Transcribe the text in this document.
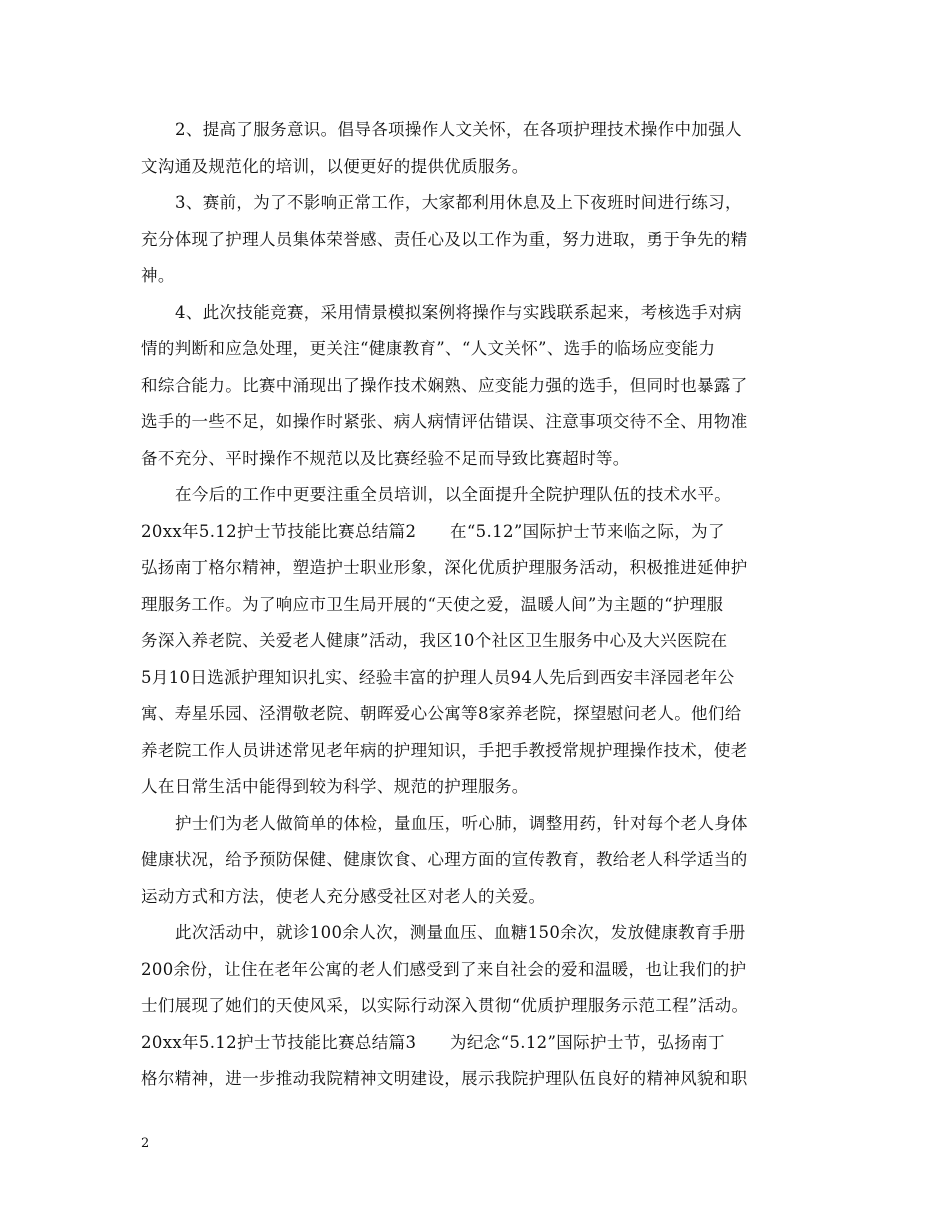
2、提高了服务意识。倡导各项操作人文关怀，在各项护理技术操作中加强人
文沟通及规范化的培训，以便更好的提供优质服务。
3、赛前，为了不影响正常工作，大家都利用休息及上下夜班时间进行练习，
充分体现了护理人员集体荣誉感、责任心及以工作为重，努力进取，勇于争先的精
神。
4、此次技能竞赛，采用情景模拟案例将操作与实践联系起来，考核选手对病
情的判断和应急处理，更关注“健康教育”、“人文关怀”、选手的临场应变能力
和综合能力。比赛中涌现出了操作技术娴熟、应变能力强的选手，但同时也暴露了
选手的一些不足，如操作时紧张、病人病情评估错误、注意事项交待不全、用物准
备不充分、平时操作不规范以及比赛经验不足而导致比赛超时等。
在今后的工作中更要注重全员培训，以全面提升全院护理队伍的技术水平。
20xx年5.12护士节技能比赛总结篇2　　在“5.12”国际护士节来临之际，为了
弘扬南丁格尔精神，塑造护士职业形象，深化优质护理服务活动，积极推进延伸护
理服务工作。为了响应市卫生局开展的“天使之爱，温暖人间”为主题的“护理服
务深入养老院、关爱老人健康”活动，我区10个社区卫生服务中心及大兴医院在
5月10日选派护理知识扎实、经验丰富的护理人员94人先后到西安丰泽园老年公
寓、寿星乐园、泾渭敬老院、朝晖爱心公寓等8家养老院，探望慰问老人。他们给
养老院工作人员讲述常见老年病的护理知识，手把手教授常规护理操作技术，使老
人在日常生活中能得到较为科学、规范的护理服务。
护士们为老人做简单的体检，量血压，听心肺，调整用药，针对每个老人身体
健康状况，给予预防保健、健康饮食、心理方面的宣传教育，教给老人科学适当的
运动方式和方法，使老人充分感受社区对老人的关爱。
此次活动中，就诊100余人次，测量血压、血糖150余次，发放健康教育手册
200余份，让住在老年公寓的老人们感受到了来自社会的爱和温暖，也让我们的护
士们展现了她们的天使风采，以实际行动深入贯彻“优质护理服务示范工程”活动。
20xx年5.12护士节技能比赛总结篇3　　为纪念“5.12”国际护士节，弘扬南丁
格尔精神，进一步推动我院精神文明建设，展示我院护理队伍良好的精神风貌和职
2
